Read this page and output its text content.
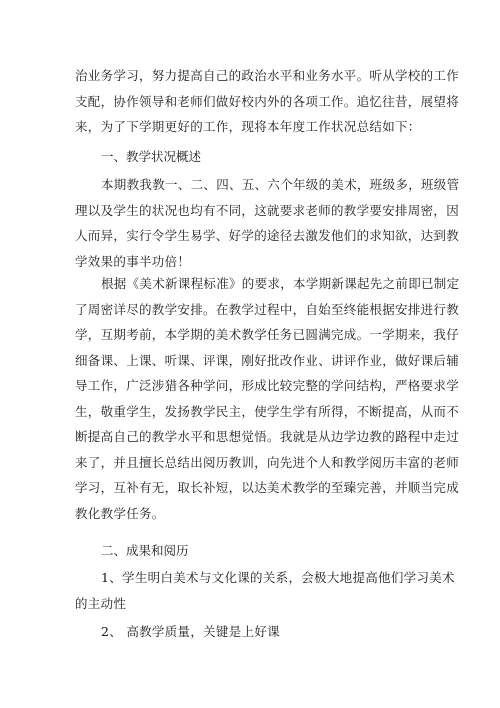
治业务学习，努力提高自己的政治水平和业务水平。听从学校的工作
支配，协作领导和老师们做好校内外的各项工作。追忆往昔，展望将
来，为了下学期更好的工作，现将本年度工作状况总结如下：
一、教学状况概述
本期教我教一、二、四、五、六个年级的美术，班级多，班级管
理以及学生的状况也均有不同，这就要求老师的教学要安排周密，因
人而异，实行令学生易学、好学的途径去激发他们的求知欲，达到教
学效果的事半功倍！
根据《美术新课程标准》的要求，本学期新课起先之前即已制定
了周密详尽的教学安排。在教学过程中，自始至终能根据安排进行教
学，互期考前，本学期的美术教学任务已圆满完成。一学期来，我仔
细备课、上课、听课、评课，刚好批改作业、讲评作业，做好课后辅
导工作，广泛涉猎各种学问，形成比较完整的学问结构，严格要求学
生，敬重学生，发扬教学民主，使学生学有所得，不断提高，从而不
断提高自己的教学水平和思想觉悟。我就是从边学边教的路程中走过
来了，并且擅长总结出阅历教训，向先进个人和教学阅历丰富的老师
学习，互补有无，取长补短，以达美术教学的至臻完善，并顺当完成
教化教学任务。
二、成果和阅历
1、学生明白美术与文化课的关系，会极大地提高他们学习美术
的主动性
2、 高教学质量，关键是上好课
